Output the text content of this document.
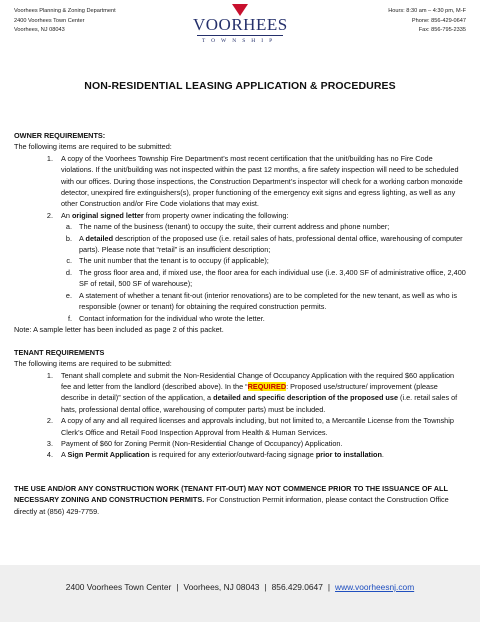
Voorhees Planning & Zoning Department
2400 Voorhees Town Center
Voorhees, NJ 08043	VOORHEES
TOWNSHIP
Hours: 8:30 am – 4:30 pm, M-F
Phone: 856-429-0647
Fax: 856-795-2335
NON-RESIDENTIAL LEASING APPLICATION & PROCEDURES
OWNER REQUIREMENTS:
The following items are required to be submitted:
1.	A copy of the Voorhees Township Fire Department’s most recent certification that the unit/building has no Fire Code violations. If the unit/building was not inspected within the past 12 months, a fire safety inspection will need to be scheduled with our offices. During those inspections, the Construction Department’s inspector will check for a working carbon monoxide detector, unexpired fire extinguishers(s), proper functioning of the emergency exit signs and egress lighting, as well as any other Construction and/or Fire Code violations that may exist.
2.	An original signed letter from property owner indicating the following:
a. The name of the business (tenant) to occupy the suite, their current address and phone number;
b. A detailed description of the proposed use (i.e. retail sales of hats, professional dental office, warehousing of computer parts). Please note that “retail” is an insufficient description;
c. The unit number that the tenant is to occupy (if applicable);
d. The gross floor area and, if mixed use, the floor area for each individual use (i.e. 3,400 SF of administrative office, 2,400 SF of retail, 500 SF of warehouse);
e. A statement of whether a tenant fit-out (interior renovations) are to be completed for the new tenant, as well as who is responsible (owner or tenant) for obtaining the required construction permits.
f. Contact information for the individual who wrote the letter.
Note: A sample letter has been included as page 2 of this packet.
TENANT REQUIREMENTS
The following items are required to be submitted:
1.	Tenant shall complete and submit the Non-Residential Change of Occupancy Application with the required $60 application fee and letter from the landlord (described above). In the “REQUIRED: Proposed use/structure/ improvement (please describe in detail)” section of the application, a detailed and specific description of the proposed use (i.e. retail sales of hats, professional dental office, warehousing of computer parts) must be included.
2.	A copy of any and all required licenses and approvals including, but not limited to, a Mercantile License from the Township Clerk’s Office and Retail Food Inspection Approval from Health & Human Services.
3.	Payment of $60 for Zoning Permit (Non-Residential Change of Occupancy) Application.
4.	A Sign Permit Application is required for any exterior/outward-facing signage prior to installation.
THE USE AND/OR ANY CONSTRUCTION WORK (TENANT FIT-OUT) MAY NOT COMMENCE PRIOR TO THE ISSUANCE OF ALL NECESSARY ZONING AND CONSTRUCTION PERMITS. For Construction Permit information, please contact the Construction Office directly at (856) 429-7759.
2400 Voorhees Town Center | Voorhees, NJ 08043 | 856.429.0647 | www.voorheesnj.com
